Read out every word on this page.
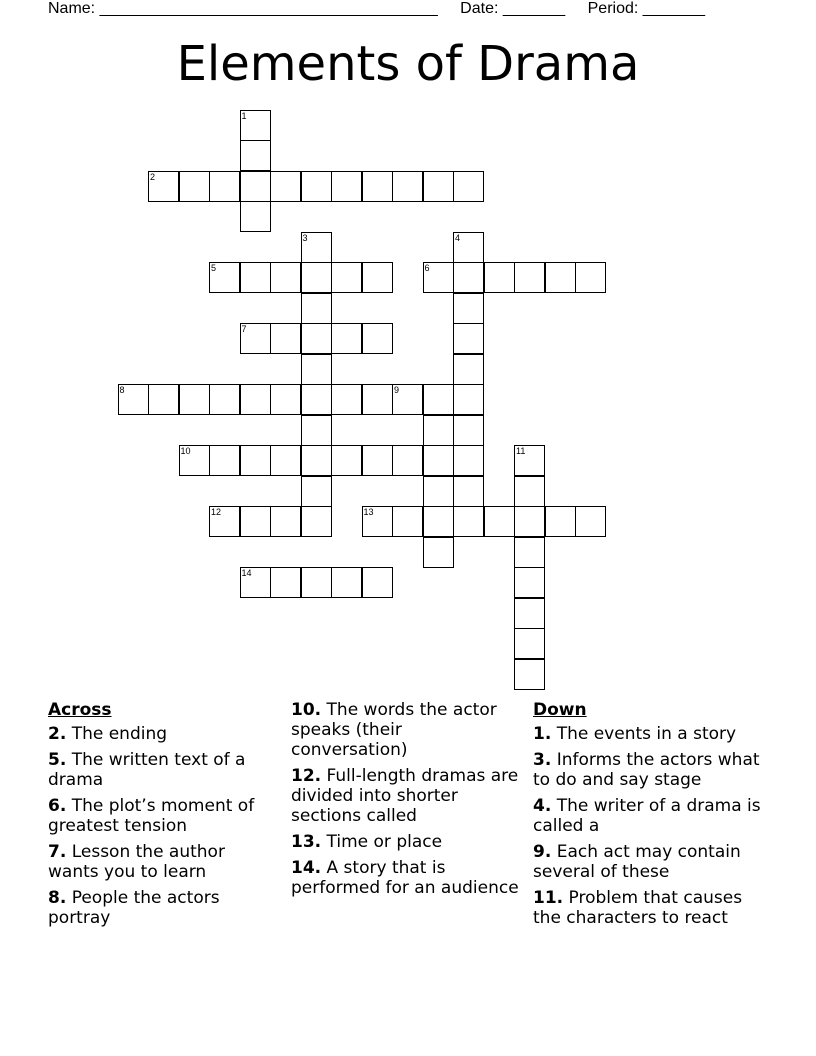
Name: ______________________________________ Date: _______ Period: _______
Elements of Drama
1
2
3	4
5	6
7
8	9
10	11
12	13
14
Across
2. The ending
5. The written text of a drama
6. The plot’s moment of greatest tension
7. Lesson the author wants you to learn
8. People the actors portray
10. The words the actor speaks (their conversation)
12. Full-length dramas are divided into shorter sections called
13. Time or place
14. A story that is performed for an audience
Down
1. The events in a story
3. Informs the actors what to do and say stage
4. The writer of a drama is called a
9. Each act may contain several of these
11. Problem that causes the characters to react
